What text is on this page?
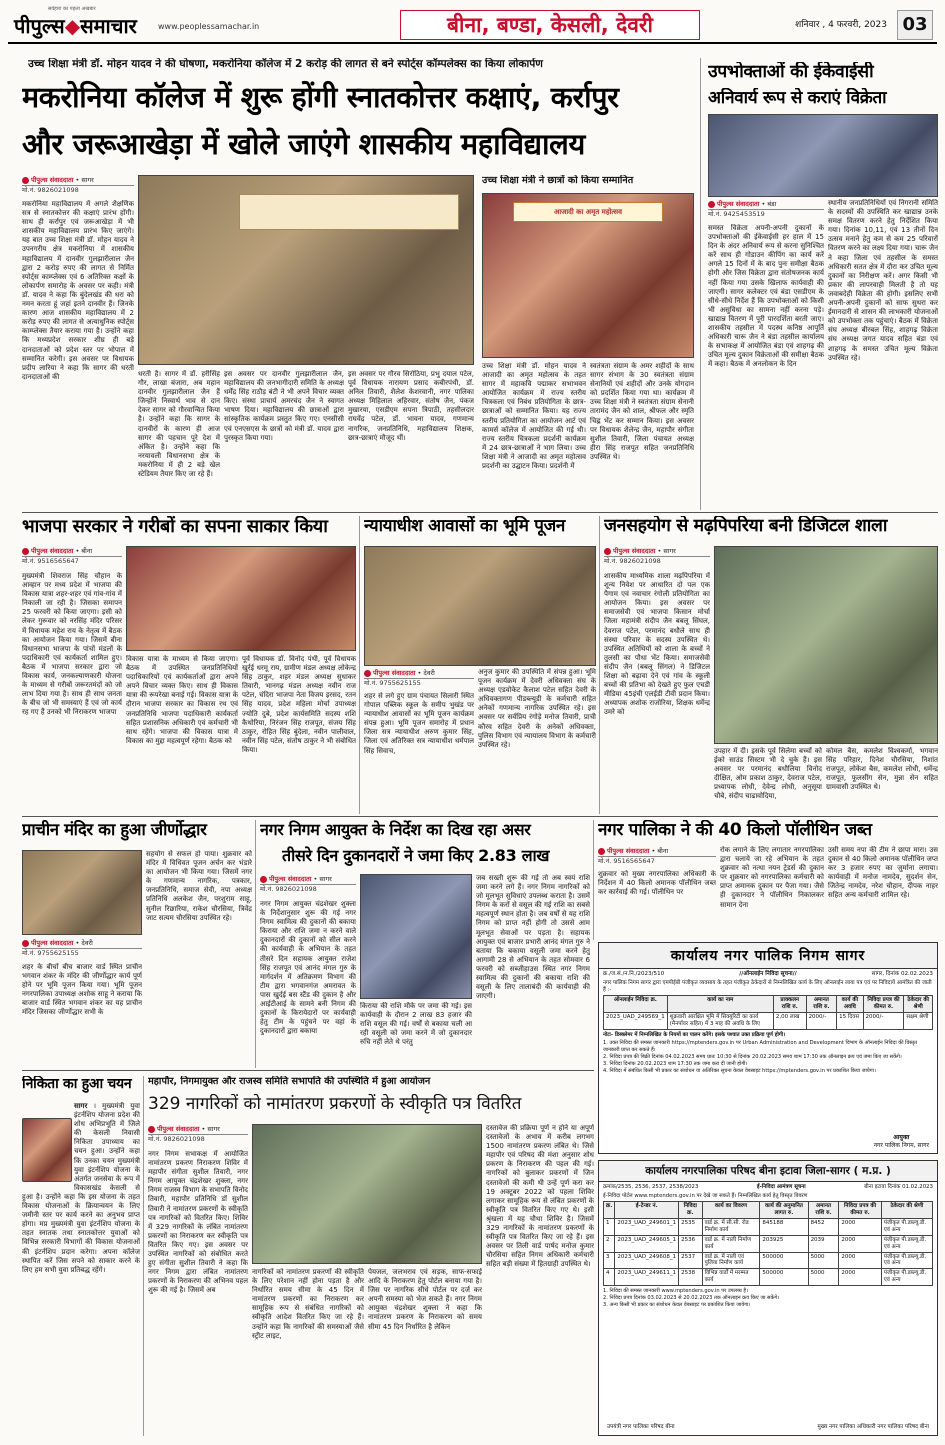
पीपुल्स◆समाचार
सर्वहारा का पहला अखबार
www.peoplessamachar.in	बीना, बण्डा, केसली, देवरी	शनिवार , 4 फरवरी, 2023 03
उच्च शिक्षा मंत्री डॉ. मोहन यादव ने की घोषणा, मकरोनिया कॉलेज में 2 करोड़ की लागत से बने स्पोर्ट्स कॉम्पलेक्स का किया लोकार्पण
मकरोनिया कॉलेज में शुरू होंगी स्नातकोत्तर कक्षाएं, कर्रापुर
और जरूआखेड़ा में खोले जाएंगे शासकीय महाविद्यालय
पीपुल्स संवाददाता • सागर
मो.नं. 9826021098
मकरोनिया महाविद्यालय में अगले शैक्षणिक सत्र से स्नातकोत्तर की कक्षाएं प्रारंभ होंगी। साथ ही कर्रापुर एवं जरूआखेड़ा में भी शासकीय महाविद्यालय प्रारंभ किए जाएंगे। यह बात उच्च शिक्षा मंत्री डॉ. मोहन यादव ने उपनगरीय क्षेत्र मकरोनिया में शासकीय महाविद्यालय में दानवीर गुलझारीलाल जैन द्वारा 2 करोड़ रुपए की लागत से निर्मित स्पोर्ट्स काम्प्लेक्स एवं 6 अतिरिक्त कक्षों के लोकार्पण समारोह के अवसर पर कही। मंत्री डॉ. यादव ने कहा कि बुंदेलखंड की धरा को नमन करता हूं जहां इतने दानवीर हैं। जिनके कारण आज शासकीय महाविद्यालय में 2 करोड़ रुपए की लागत से अत्याधुनिक स्पोर्ट्स काम्प्लेक्स तैयार कराया गया है। उन्होंने कहा कि मध्यप्रदेश सरकार शीघ्र ही बड़े दानदाताओं को प्रदेश स्तर पर भोपाल में सम्मानित करेगी। इस अवसर पर विधायक प्रदीप लारिया ने कहा कि सागर की धरती दानदाताओं की	धरती है। सागर में डॉ. हरीसिंह गौर, लाखा बंजारा, अब महान दानवीर गुलझारीलाल जैन हैं जिन्होंने निस्वार्थ भाव से दान देकर सागर को गौरवान्वित किया है। उन्होंने कहा कि सागर के दानवीरों के कारण ही आज सागर की पहचान पूरे देश में अंकित है। उन्होंने कहा कि नरयावली विधानसभा क्षेत्र के मकरोनिया में ही 2 बड़े खेल स्टेडियम तैयार किए जा रहे हैं।
इस अवसर पर दानवीर गुलझारीलाल जैन, महाविद्यालय की जनभागीदारी समिति के अध्यक्ष धर्मेंद्र सिंह राठौड़ बंटी ने भी अपने विचार व्यक्त किए। संस्था प्राचार्य अमरचंद जैन ने स्वागत भाषण दिया। महाविद्यालय की छात्राओं द्वारा सांस्कृतिक कार्यक्रम प्रस्तुत किए गए। एनसीसी एवं एनएसएस के छात्रों को मंत्री डॉ. यादव द्वारा पुरस्कृत किया गया।
इस अवसर पर गौरव सिरोठिया, प्रभु दयाल पटेल, पूर्व विधायक नारायण प्रसाद कबीरपंथी, डॉ. अनिल तिवारी, शैलेश केशरवानी, नगर पालिका अध्यक्ष मिहिलाल अहिरवार, संतोष जैन, पंकज मुखारया, एसडीएम सपना त्रिपाठी, तहसीलदार राघवेंद्र पटेल, डॉ. भावना यादव, गणमान्य नागरिक, जनप्रतिनिधि, महाविद्यालय शिक्षक, छात्र-छात्राएं मौजूद थीं।
उच्च शिक्षा मंत्री ने छात्रों को किया सम्मानित
आजादी का अमृत महोत्सव
उच्च शिक्षा मंत्री डॉ. मोहन यादव ने आजादी का अमृत महोत्सव के तहत सागर में महाकवि पद्माकर सभाभवन आयोजित कार्यक्रम में राज्य स्तरीय चित्रकला एवं निबंध प्रतियोगिता के छात्र-छात्राओं को सम्मानित किया। यह राज्य स्तरीय प्रतियोगिता का आयोजन आर्ट एवं कामर्स कॉलेज में आयोजित की गई थी। राज्य स्तरीय चित्रकला प्रदर्शनी कार्यक्रम में 24 छात्र-छात्राओं ने भाग लिया। उच्च शिक्षा मंत्री ने आजादी का अमृत महोत्सव प्रदर्शनी का उद्घाटन किया। प्रदर्शनी में
स्वतंत्रता संग्राम के अमर शहीदों के साथ सागर संभाग के 30 स्वतंत्रता संग्राम सेनानियों एवं शहीदों और उनके योगदान को प्रदर्शित किया गया था। कार्यक्रम में उच्च शिक्षा मंत्री ने स्वतंत्रता संग्राम सेनानी तारामंद जैन को शाल, श्रीफल और स्मृति चिह्न भेंट कर सम्मान किया। इस अवसर पर विधायक शैलेन्द्र जैन, महापौर संगीता सुशील तिवारी, जिला पंचायत अध्यक्ष हीरा सिंह राजपूत सहित जनप्रतिनिधि उपस्थित थे।
उपभोक्ताओं की ईकेवाईसी
अनिवार्य रूप से कराएं विक्रेता
पीपुल्स संवाददाता • बंडा
मो.नं. 9425453519
समस्त विक्रेता अपनी-अपनी दुकानों के उपभोक्ताओं की ईकेवाईसी हर हाल में 15 दिन के अंदर अनिवार्य रूप से करना सुनिश्चित करें साथ ही गोडाउन कीपिंग का कार्य करें अगले 15 दिनों में के बाद पुनः समीक्षा बैठक होगी और जिस विक्रेता द्वारा संतोषजनक कार्य नहीं किया गया उसके खिलाफ कार्यवाही की जाएगी। सागर कलेक्टर एवं बंडा एसडीएम के सीधे-सीधे निर्देश हैं कि उपभोक्ताओं को किसी भी असुविधा का सामना नहीं करना पड़े। खाद्यान्न वितरण में पूरी पारदर्शिता बरती जाए। शासकीय तहसील में पदस्थ कनिष्ठ आपूर्ति अधिकारी चारू जैन ने बंडा तहसील कार्यालय के सभाकक्ष में आयोजित बंडा एवं शाहगढ़ की उचित मूल्य दुकान विक्रेताओं की समीक्षा बैठक में कहा। बैठक में अनलोकन के दिन
स्थानीय जनप्रतिनिधियों एवं निगरानी समिति के सदस्यों की उपस्थिति कर खाद्यान्न उनके समक्ष वितरण करने हेतु निर्देशित किया गया। दिनांक 10,11, एवं 13 तीनों दिन उत्सव मनाने हेतु कम से कम 25 परिवारों वितरण करने का लक्ष्य दिया गया। चारू जैन ने कहा जिला एवं तहसील के समस्त अधिकारी सतत क्षेत्र में दौरा कर उचित मूल्य दुकानों का निरीक्षण करें। अगर किसी भी प्रकार की लापरवाही मिलती है तो यह जवाबदेही विक्रेता की होगी। इसलिए सभी अपनी-अपनी दुकानों को साफ सुथरा कर ईमानदारी से शासन की लाभकारी योजनाओं को उपभोक्ता तक पहुंचाएं। बैठक में विक्रेता संघ अध्यक्ष बीरबल सिंह, शाहगढ़ विक्रेता संघ अध्यक्ष जगत यादव सहित बंडा एवं शाहगढ़ के समस्त उचित मूल्य विक्रेता उपस्थित रहे।
भाजपा सरकार ने गरीबों का सपना साकार किया
पीपुल्स संवाददाता • बीना
मो.नं. 9516565647
मुख्यमंत्री शिवराज सिंह चौहान के आव्हान पर मध्य प्रदेश में भाजपा की विकास यात्रा शहर-शहर एवं गांव-गांव में निकाली जा रही है। जिसका समापन 25 फरवरी को किया जाएगा। इसी को लेकर गुरूवार को नरसिंह मंदिर परिसर में विधायक महेश राय के नेतृत्व में बैठक का आयोजन किया गया। जिसमें बीना विधानसभा भाजपा के पांचों मंडलों के पदाधिकारी एवं कार्यकर्ता शामिल हुए। बैठक में भाजपा सरकार द्वारा जो विकास कार्य, जनकल्याणकारी योजना के माध्यम से गरीबों जरूरतमंदों को जो लाभ दिया गया है। साथ ही साथ जनता के बीच जो भी समस्याएं हैं एवं जो कार्य रह गए हैं उनको भी निराकरण भाजपा
विकास यात्रा के माध्यम से किया जाएगा। बैठक में उपस्थित जनप्रतिनिधियों पदाधिकारियों एवं कार्यकर्ताओं द्वारा अपने अपने विचार व्यक्त किए। साथ ही विकास यात्रा की रूपरेखा बनाई गई। विकास यात्रा के दौरान भाजपा सरकार का विकास रथ एवं जनप्रतिनिधि भाजपा पदाधिकारी कार्यकर्ता सहित प्रशासनिक अधिकारी एवं कर्मचारी भी साथ रहेंगे। भाजपा की विकास यात्रा में विकास का मुद्दा महत्वपूर्ण रहेगा। बैठक को
पूर्व विधायक डॉ. विनोद पंथी, पूर्व विधायक खुर्रई धरमू राय, ग्रामीण मंडल अध्यक्ष लोकेन्द्र सिंह ठाकुर, शहर मंडल अध्यक्ष सुधाकर तिवारी, भानगढ़ मंडल अध्यक्ष नवीन राज पटेल, चंदिरा भाजपा नेता विजय इरसद, रतन सिंह यादव, प्रदेश महिला मोर्चा उपाध्यक्ष ज्योति दुबे, प्रदेश कार्यसमिति सदस्य शशि कैथोरिया, निरंजन सिंह राजपूत, संजय सिंह ठाकुर, रोहित सिंह बुंदेला, नवीन पालीवाल, नवीन सिंह पटेल, संतोष ठाकुर ने भी संबोधित किया।
न्यायाधीश आवासों का भूमि पूजन
पीपुल्स संवाददाता • देवरी
मो.नं. 9755625155
शहर से लगे हुए ग्राम पंचायत सिलारी स्थित गोपाल पब्लिक स्कूल के समीप भुखंड पर न्यायाधीश आवासों का भूमि पूजन कार्यक्रम संपन्न हुआ। भूमि पूजन समारोह में प्रधान जिला सत्र न्यायाधीश अरुण कुमार सिंह, जिला एवं अतिरिक्त सत्र न्यायाधीश धर्मपाल सिंह सिवाच,
अनुज कुमार की उपस्थिति में संपन्न हुआ। भूमि पूजन कार्यक्रम में देवरी अधिवक्ता संघ के अध्यक्ष एडवोकेट कैलाश पटेल सहित देवरी के अधिवक्तागण पीडब्ल्यूडी के कर्मचारी सहित अनेकों गणमान्य नागरिक उपस्थित रहे। इस अवसर पर सर्वप्रिय रंगोड़े मनोज तिवारी, प्राची कौरव सहित देवरी के अनेकों अधिवक्ता, पुलिस विभाग एवं न्यायालय विभाग के कर्मचारी उपस्थित रहे।
जनसहयोग से मढ़पिपरिया बनी डिजिटल शाला
पीपुल्स संवाददाता • सागर
मो.नं. 9826021098
शासकीय माध्यमिक शाला मढ़पिपरिया में शून्य निवेश पर आधारित दो पल एक पैगाम एवं नवाचार रंगोली प्रतियोगिता का आयोजन किया। इस अवसर पर समाजसेवी एवं भाजपा किसान मोर्चा जिला महामंत्री संदीप जैन बबलू सिंघल, देवराज पटेल, परमानंद बधौले साथ ही संस्था परिवार के सदस्य उपस्थित थे। उपस्थित अतिथियों को शाला के बच्चों ने तुलसी का पौधा भेंट किया। समाजसेवी संदीप जैन (बबलू सिंगल) ने डिजिटल शिक्षा को बढ़ावा देने एवं गांव के स्कूली बच्चों की प्रतिभा को देखते हुए फुल एचडी मीडिया 45इंची एलईडी टीवी प्रदान किया। अध्यापक अशोक राजोरिया, शिक्षक धर्मेन्द्र उमरे को
उपहार में दी। इसके पूर्व सिलेमा बच्चों को ईको साउंड सिस्टम भी दे चुके हैं। इस अवसर पर परमानंद बधौलिया विनोद दीक्षित, ओम प्रकाश ठाकुर, देवराज पटेल, प्रध्यापक लोधी, देवेन्द्र लोधी, अनुसूया चौबे, संदीप चाढावोदिया,
कोमल बैस, कमलेश विश्वकर्मा, भगवान सिंह परिहार, दिनेश चौरसिया, निशांत राजपूत, लोकेश बैस, कमलेश लोधी, धर्मेन्द्र राजपूत, फूलसींग सेन, मुन्ना सेन सहित ग्रामवासी उपस्थित थे।
प्राचीन मंदिर का हुआ जीर्णोद्धार
पीपुल्स संवाददाता • देवरी
मो.नं. 9755625155
शहर के बीचों बीच बाजार वार्ड स्थित प्राचीन भगवान शंकर के मंदिर की जीर्णोद्धार कार्य पूर्ण होने पर भूमि पूजन किया गया। भूमि पूजन नगरपालिका उपाध्यक्ष अशोक साहू ने कराया कि बाजार वार्ड स्थित भगवान शंकर का यह प्राचीन मंदिर जिसका जीर्णोद्धार सभी के
सहयोग से सफल हो पाया। शुक्रवार को मंदिर में विधिवत पूजन अर्चन कर भंडारे का आयोजन भी किया गया। जिसमें नगर के गणमान्य नागरिक, पत्रकार, जनप्रतिनिधि, समाज सेवी, नपा अध्यक्ष प्रतिनिधि अलकेश जैन, परशुराम साहू, सुनील रिछारिया, राकेश चौरसिया, त्रिवेंद्र जाट सत्यम चौरसिया उपस्थित रहे।
नगर निगम आयुक्त के निर्देश का दिख रहा असर
तीसरे दिन दुकानदारों ने जमा किए 2.83 लाख
पीपुल्स संवाददाता • सागर
मो.नं. 9826021098
नगर निगम आयुक्त चंद्रशेखर शुक्ला के निर्देशानुसार शुरू की गई नगर निगम स्वामित्व की दुकानों की बकाया किराया और राशि जमा न करने वाले दुकानदारों की दुकानों को सील करने की कार्यवाही के अभियान के तहत तीसरे दिन सहायक आयुक्त राजेश सिंह राजपूत एवं आनंद मंगल गुरु के मार्गदर्शन में अतिक्रमण विभाग की टीम द्वारा भगवानगंज अमरावत के पास खुर्दई बस स्टैंड की दुकान है और आईटीआई के सामने बनी निगम की दुकानों के किरायेदारों पर कार्यवाही हेतु टीम के पहुंचने पर वहां के दुकानदारों द्वारा बकाया
किराया की राशि मौके पर जमा की गई। इस कार्यवाही के दौरान 2 लाख 83 हजार की राशि वसूल की गई। वर्षों से बकाया चली आ रही वसूली को जमा करने में जो दुकानदार रुचि नहीं लेते थे परंतु
जब सख्ती शुरू की गई तो अब स्वयं राशि जमा करने लगे हैं। नगर निगम नागरिकों को जो मूलभूत सुविधाएं उपलब्ध कराता है। उसमें निगम के करों से वसूल की गई राशि का सबसे महत्वपूर्ण स्थान होता है। जब वर्षों से यह राशि निगम को प्राप्त नहीं होगी तो उससे आम मूलभूत सेवाओं पर पड़ता है। सहायक आयुक्त एवं बाजार प्रभारी आनंद मंगल गुरु ने बताया कि बकाया वसूली जमा करने हेतु आगामी 28 से अभियान के तहत सोमवार 6 फरवरी को सब्जीहाउस स्थित नगर निगम स्वामित्व की दुकानों की बकाया राशि की वसूली के लिए तालाबंदी की कार्यवाही की जाएगी।
नगर पालिका ने की 40 किलो पॉलीथिन जब्त
पीपुल्स संवाददाता • बीना
मो.नं. 9516565647
शुक्रवार को मुख्य नगरपालिका अधिकारी के निर्देशन में 40 किलो अमानक पॉलीथिन जब्त कर कार्रवाई की गई। पॉलीथिन पर
रोक लगाने के लिए लगातार नगरपालिका द्वारा चलाये जा रहे अभियान के तहत शुक्रवार को नत्था नयन ट्रेडर्स की दुकान पर शुक्रवार को नगरपालिका कर्मचारी को प्राप्त अमानक दुकान पर पैजा गया। जैसे ही दुकानदार ने पॉलीथिन निकालकर सामान देना
उसी समय नपा की टीम ने छापा मारा। उस दुकान से 40 किलो अमानक पॉलीथिन जप्त कर 3 हजार रुपए का जुर्माना लगाया। कार्यवाही में मनोज नामदेव, सुदर्शन सेन, जितेन्द्र नामदेव, नरेश चौहान, दीपक नाहर सहित अन्य कर्मचारी शामिल रहे।
कार्यालय नगर पालिक निगम सागर
क्र./ज.सं./न.नि./2023/510	//ऑनलाईन निविदा सूचना//	सागर, दिनांक 02.02.2023
नगर पालिक निगम सागर द्वारा एमपीईबी पंजीकृत व्यवसाय के तहत पंजीकृत ठेकेदारों से निम्नलिखित कार्य के लिए ऑनलाईन लाया पत्र एवं पर निविदायें आमंत्रित की जाती हैं :-
ऑनलाईन निविदा क्र.	कार्य का नाम	प्राक्कलन राशि रु.	अमानत राशि रु.	कार्य की अवधि	निविदा प्रपत्र की कीमत रु.	ठेकेदार की श्रेणी
2023_UAD_249569_1	शुक्रवारी आरक्षित भूमि में सिक्यूरिटी का कार्य (मैनपॉवर सहित) में 3 माह की अवधि के लिए	2,00 लाख	2000/-	15 दिवस	2000/-	सक्षम श्रेणी
नोटः- डिस्क्लेमर में निम्नलिखित के नियमों का पालन करेंगे। इसके पश्चात उक्त प्रक्रिया पूर्ण होगी।
1. उक्त निविदा की समस्त जानकारी https://mptenders.gov.in पर Urban Administration and Development विभाग के ऑनलाईन निविदा की विस्तृत जानकारी प्राप्त कर सकते हैं।
2. निविदा प्रपत्र की बिक्री दिनांक 04.02.2023 समय प्रातः 10:30 से दिनांक 20.02.2023 समय शाम 17:30 तक ऑनलाइन क्रय एवं जमा किए जा सकेंगे।
3. निविदा दिनांक 20.02.2023 शाम 17:30 तक जमा करा दी जानी होगी।
4. निविदा में संबंधित किसी भी प्रकार का संशोधन या अतिरिक्त सूचना केवल वेबसाइट https://mptenders.gov.in पर प्रकाशित किया जायेगा।
आयुक्त
नगर पालिक निगम, सागर
निकिता का हुआ चयन
सागर । मुख्यमंत्री युवा इंटर्नशिप योजना प्रदेश की शोध अभिप्रभूति में जिले की केसली निवासी निकिता उपाध्याय का चयन हुआ। उन्होंने कहा कि उनका चयन मुख्यमंत्री युवा इंटर्नशिप योजना के अंतर्गत जनसेवा के रूप में विकासखंड केसली से हुआ है। उन्होंने कहा कि इस योजना के तहत विकास योजनाओं के क्रियान्वयन के लिए जमीनी स्तर पर कार्य करने का अनुभव प्राप्त होगा। मप्र मुख्यमंत्री युवा इंटर्नशिप योजना के तहत स्नातक तथा स्नातकोत्तर युवाओं को विभिन्न सरकारी विभागों की विकास योजनाओं की इंटर्नशिप प्रदान करेगा। अपना कॉलेज स्थापित करें जिस सपने को साकार करने के लिए हम सभी युवा प्रतिबद्ध रहेंगे।
महापौर, निगमायुक्त और राजस्व समिति सभापति की उपस्थिति में हुआ आयोजन
329 नागरिकों को नामांतरण प्रकरणों के स्वीकृति पत्र वितरित
पीपुल्स संवाददाता • सागर
मो.नं. 9826021098
नगर निगम सभाकक्ष में आयोजित नामांतरण प्रकरण निराकरण शिविर में महापौर संगीता सुशील तिवारी, नगर निगम आयुक्त चंद्रशेखर शुक्ला, नगर निगम राजस्व विभाग के सभापति विनोद तिवारी, महापौर प्रतिनिधि डॉ सुशील तिवारी ने नामांतरण प्रकरणों के स्वीकृति पत्र नागरिकों को वितरित किए। शिविर में 329 नागरिकों के लंबित नामांतरण प्रकरणों का निराकरण कर स्वीकृति पत्र वितरित किए गए। इस अवसर पर उपस्थित नागरिकों को संबोधित करते हुए संगीता सुशील तिवारी ने कहा कि नगर निगम द्वारा लंबित नामांतरण प्रकरणों के निराकरण की अभिनव पहल शुरू की गई है। जिसमें अब
नागरिकों को नामांतरण प्रकरणों की स्वीकृति के लिए परेशान नहीं होना पड़ता है और निर्धारित समय सीमा के 45 दिन में नामांतरण प्रकरणों का निराकरण कर सामूहिक रूप से संबंधित नागरिकों को स्वीकृति आदेश वितरित किए जा रहे हैं। उन्होंने कहा कि नागरिकों की समस्याओं जैसे स्ट्रीट लाइट,
पेयजल, जलभराव एवं सड़क, साफ-सफाई आदि के निराकरण हेतु पोर्टल बनाया गया है। जिस पर नागरिक सीधे पोर्टल पर दर्ज कर अपनी समस्या को भेज सकते हैं। नगर निगम आयुक्त चंद्रशेखर शुक्ला ने कहा कि नामांतरण प्रकरण के निराकरण को समय सीमा 45 दिन निर्धारित है लेकिन
दस्तावेज की प्रक्रिया पूर्ण न होने या अपूर्ण दस्तावेजों के अभाव में करीब लगभग 1500 नामांतरण प्रकरण लंबित थे। जिसे महापौर एवं परिषद की मंशा अनुसार शोध प्रकरण के निराकरण की पहल की गई। नागरिकों को बुलाकर प्रकरणों में जिन दस्तावेजों की कमी थी उन्हें पूर्ण करा कर 19 अक्टूबर 2022 को पहला शिविर लगाकर सामूहिक रूप से लंबित प्रकरणों के स्वीकृति पत्र वितरित किए गए थे। इसी श्रृंखला में यह चौथा शिविर है। जिसमें 329 नागरिकों के नामांतरण प्रकरणों के स्वीकृति पत्र वितरित किए जा रहे हैं। इस अवसर पर तिली वार्ड पार्षद मनोज कुमार चौरसिया सहित निगम अधिकारी कर्मचारी सहित बड़ी संख्या में हितग्राही उपस्थित थे।
कार्यालय नगरपालिका परिषद बीना इटावा जिला-सागर ( म.प्र. )
क्रमांक/2535, 2536, 2537, 2538/2023	ई-निविदा आमंत्रण सूचना	बीना इटावा दिनांक 01.02.2023
ई-निविदा पोर्टल www.mptenders.gov.in पर देखे जा सकते हैं। निम्नलिखित कार्य हेतु विस्तृत विवरण
क्र.	ई-टेन्डर नं.	निविदा क्र.	कार्य का विवरण	कार्य की अनुमानित लागत रु.	अमानत राशि रु.	निविदा प्रपत्र की कीमत रु.	ठेकेदार की श्रेणी
1	2023_UAD_249601_1	2535	वार्ड क्र. में सी.सी. रोड निर्माण कार्य	845188	8452	2000	पंजीकृत पी.डब्ल्यू.डी. एवं अन्य
2	2023_UAD_249605_1	2536	वार्ड क्र. में नाली निर्माण कार्य	203925	2039	2000	पंजीकृत पी.डब्ल्यू.डी. एवं अन्य
3	2023_UAD_249608_1	2537	वार्ड क्र. में नाली एवं पुलिया निर्माण कार्य	500000	5000	2000	पंजीकृत पी.डब्ल्यू.डी. एवं अन्य
4	2023_UAD_249611_1	2538	विभिन्न वार्डों में मरम्मत कार्य	500000	5000	2000	पंजीकृत पी.डब्ल्यू.डी. एवं अन्य
1. निविदा की समस्त जानकारी www.mptenders.gov.in पर उपलब्ध है।
2. निविदा प्रपत्र दिनांक 03.02.2023 से 20.02.2023 तक ऑनलाइन क्रय किए जा सकेंगे।
3. अन्य किसी भी प्रकार का संशोधन केवल वेबसाइट पर प्रकाशित किया जायेगा।
उपयंत्री नगर पालिका परिषद बीना	मुख्य नगर पालिका अधिकारी नगर पालिका परिषद बीना
